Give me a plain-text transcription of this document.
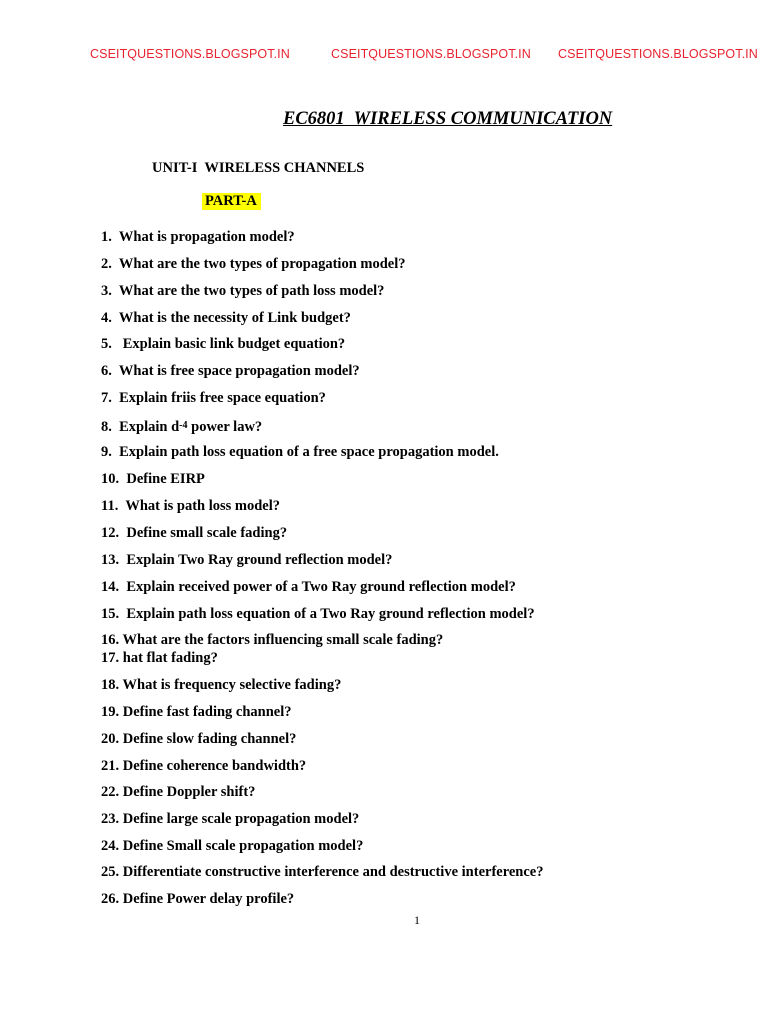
CSEITQUESTIONS.BLOGSPOT.IN	CSEITQUESTIONS.BLOGSPOT.IN CSEITQUESTIONS.BLOGSPOT.IN
EC6801  WIRELESS COMMUNICATION
UNIT-I  WIRELESS CHANNELS
PART-A
1. What is propagation model?
2. What are the two types of propagation model?
3. What are the two types of path loss model?
4. What is the necessity of Link budget?
5.   Explain basic link budget equation?
6. What is free space propagation model?
7. Explain friis free space equation?
8. Explain $d^{-4}$ power law?
9. Explain path loss equation of a free space propagation model.
10.  Define EIRP
11.  What is path loss model?
12.  Define small scale fading?
13.  Explain Two Ray ground reflection model?
14.  Explain received power of a Two Ray ground reflection model?
15.  Explain path loss equation of a Two Ray ground reflection model?
16. What are the factors influencing small scale fading?
17. hat flat fading?
18. What is frequency selective fading?
19. Define fast fading channel?
20. Define slow fading channel?
21. Define coherence bandwidth?
22. Define Doppler shift?
23. Define large scale propagation model?
24. Define Small scale propagation model?
25. Differentiate constructive interference and destructive interference?
26. Define Power delay profile?
1
